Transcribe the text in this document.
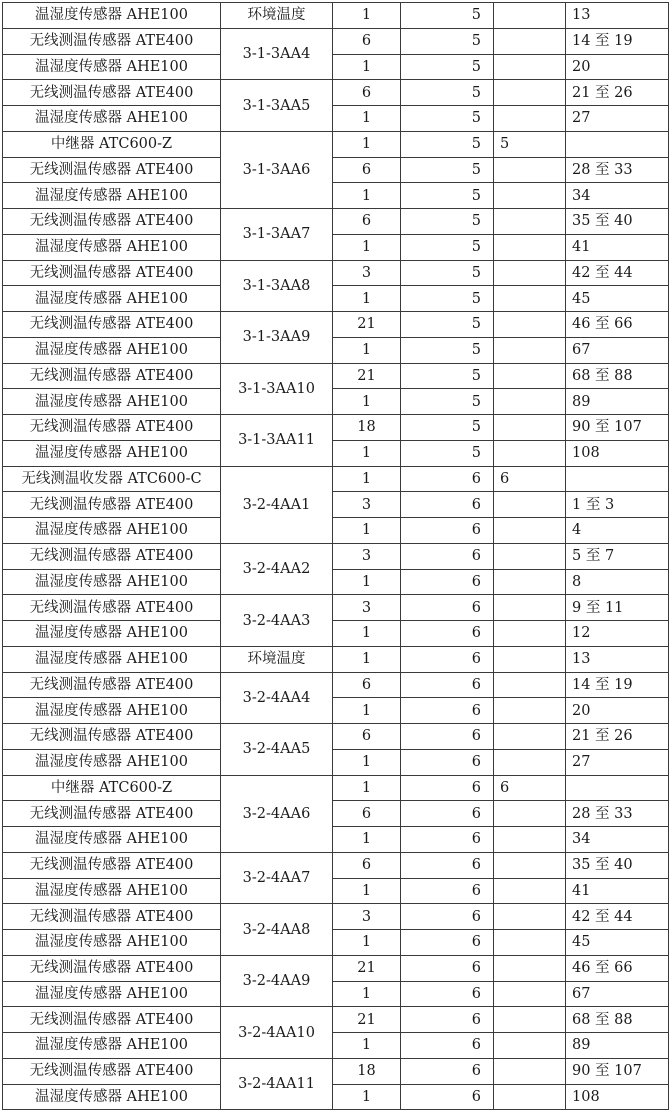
温湿度传感器 AHE100	环境温度	1	5		13
无线测温传感器 ATE400	3-1-3AA4	6	5		14 至 19
温湿度传感器 AHE100		1	5		20
无线测温传感器 ATE400	3-1-3AA5	6	5		21 至 26
温湿度传感器 AHE100		1	5		27
中继器 ATC600-Z	3-1-3AA6	1	5	5	
无线测温传感器 ATE400		6	5		28 至 33
温湿度传感器 AHE100		1	5		34
无线测温传感器 ATE400	3-1-3AA7	6	5		35 至 40
温湿度传感器 AHE100		1	5		41
无线测温传感器 ATE400	3-1-3AA8	3	5		42 至 44
温湿度传感器 AHE100		1	5		45
无线测温传感器 ATE400	3-1-3AA9	21	5		46 至 66
温湿度传感器 AHE100		1	5		67
无线测温传感器 ATE400	3-1-3AA10	21	5		68 至 88
温湿度传感器 AHE100		1	5		89
无线测温传感器 ATE400	3-1-3AA11	18	5		90 至 107
温湿度传感器 AHE100		1	5		108
无线测温收发器 ATC600-C	3-2-4AA1	1	6	6	
无线测温传感器 ATE400		3	6		1 至 3
温湿度传感器 AHE100		1	6		4
无线测温传感器 ATE400	3-2-4AA2	3	6		5 至 7
温湿度传感器 AHE100		1	6		8
无线测温传感器 ATE400	3-2-4AA3	3	6		9 至 11
温湿度传感器 AHE100		1	6		12
温湿度传感器 AHE100	环境温度	1	6		13
无线测温传感器 ATE400	3-2-4AA4	6	6		14 至 19
温湿度传感器 AHE100		1	6		20
无线测温传感器 ATE400	3-2-4AA5	6	6		21 至 26
温湿度传感器 AHE100		1	6		27
中继器 ATC600-Z	3-2-4AA6	1	6	6	
无线测温传感器 ATE400		6	6		28 至 33
温湿度传感器 AHE100		1	6		34
无线测温传感器 ATE400	3-2-4AA7	6	6		35 至 40
温湿度传感器 AHE100		1	6		41
无线测温传感器 ATE400	3-2-4AA8	3	6		42 至 44
温湿度传感器 AHE100		1	6		45
无线测温传感器 ATE400	3-2-4AA9	21	6		46 至 66
温湿度传感器 AHE100		1	6		67
无线测温传感器 ATE400	3-2-4AA10	21	6		68 至 88
温湿度传感器 AHE100		1	6		89
无线测温传感器 ATE400	3-2-4AA11	18	6		90 至 107
温湿度传感器 AHE100		1	6		108
